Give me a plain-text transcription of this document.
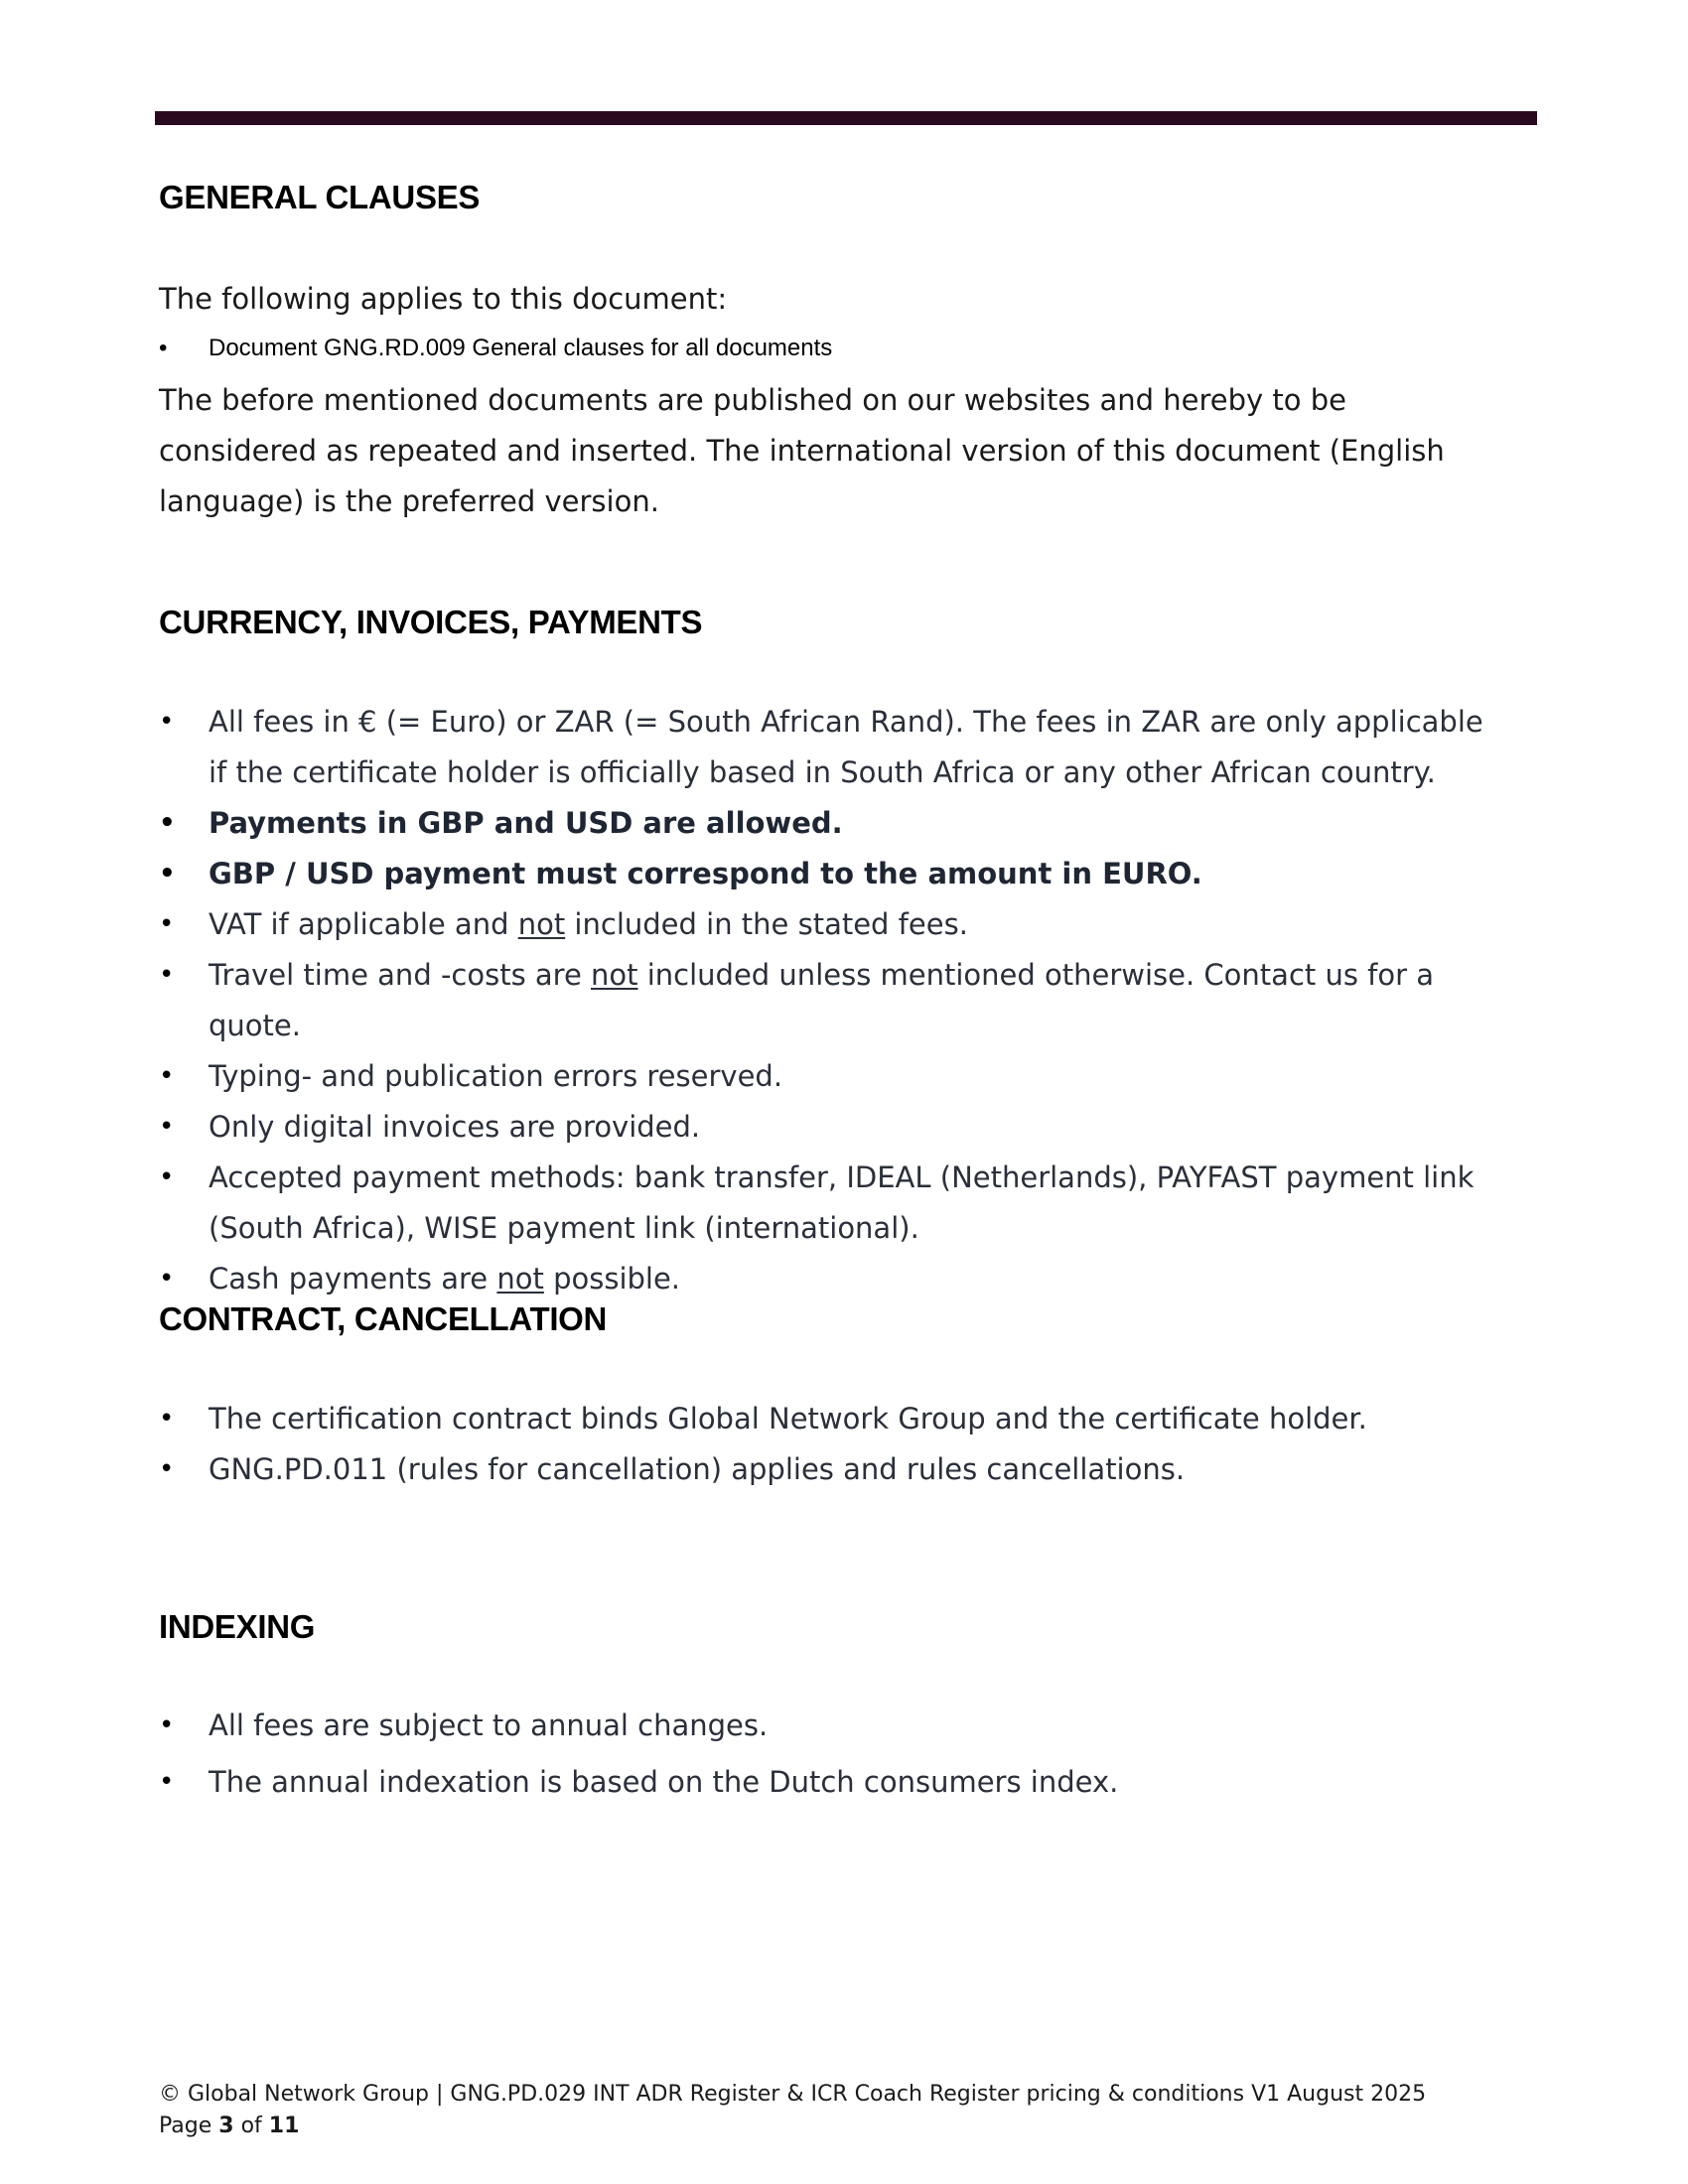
GENERAL CLAUSES

The following applies to this document:

• Document GNG.RD.009 General clauses for all documents

The before mentioned documents are published on our websites and hereby to be considered as repeated and inserted. The international version of this document (English language) is the preferred version.

CURRENCY, INVOICES, PAYMENTS
• All fees in € (= Euro) or ZAR (= South African Rand). The fees in ZAR are only applicable if the certificate holder is officially based in South Africa or any other African country.
• Payments in GBP and USD are allowed.
• GBP / USD payment must correspond to the amount in EURO.
• VAT if applicable and not included in the stated fees.
• Travel time and -costs are not included unless mentioned otherwise. Contact us for a quote.
• Typing- and publication errors reserved.
• Only digital invoices are provided.
• Accepted payment methods: bank transfer, IDEAL (Netherlands), PAYFAST payment link (South Africa), WISE payment link (international).
• Cash payments are not possible.
CONTRACT, CANCELLATION
• The certification contract binds Global Network Group and the certificate holder.
• GNG.PD.011 (rules for cancellation) applies and rules cancellations.
INDEXING
• All fees are subject to annual changes.
• The annual indexation is based on the Dutch consumers index.
© Global Network Group | GNG.PD.029 INT ADR Register & ICR Coach Register pricing & conditions V1 August 2025
Page 3 of 11
